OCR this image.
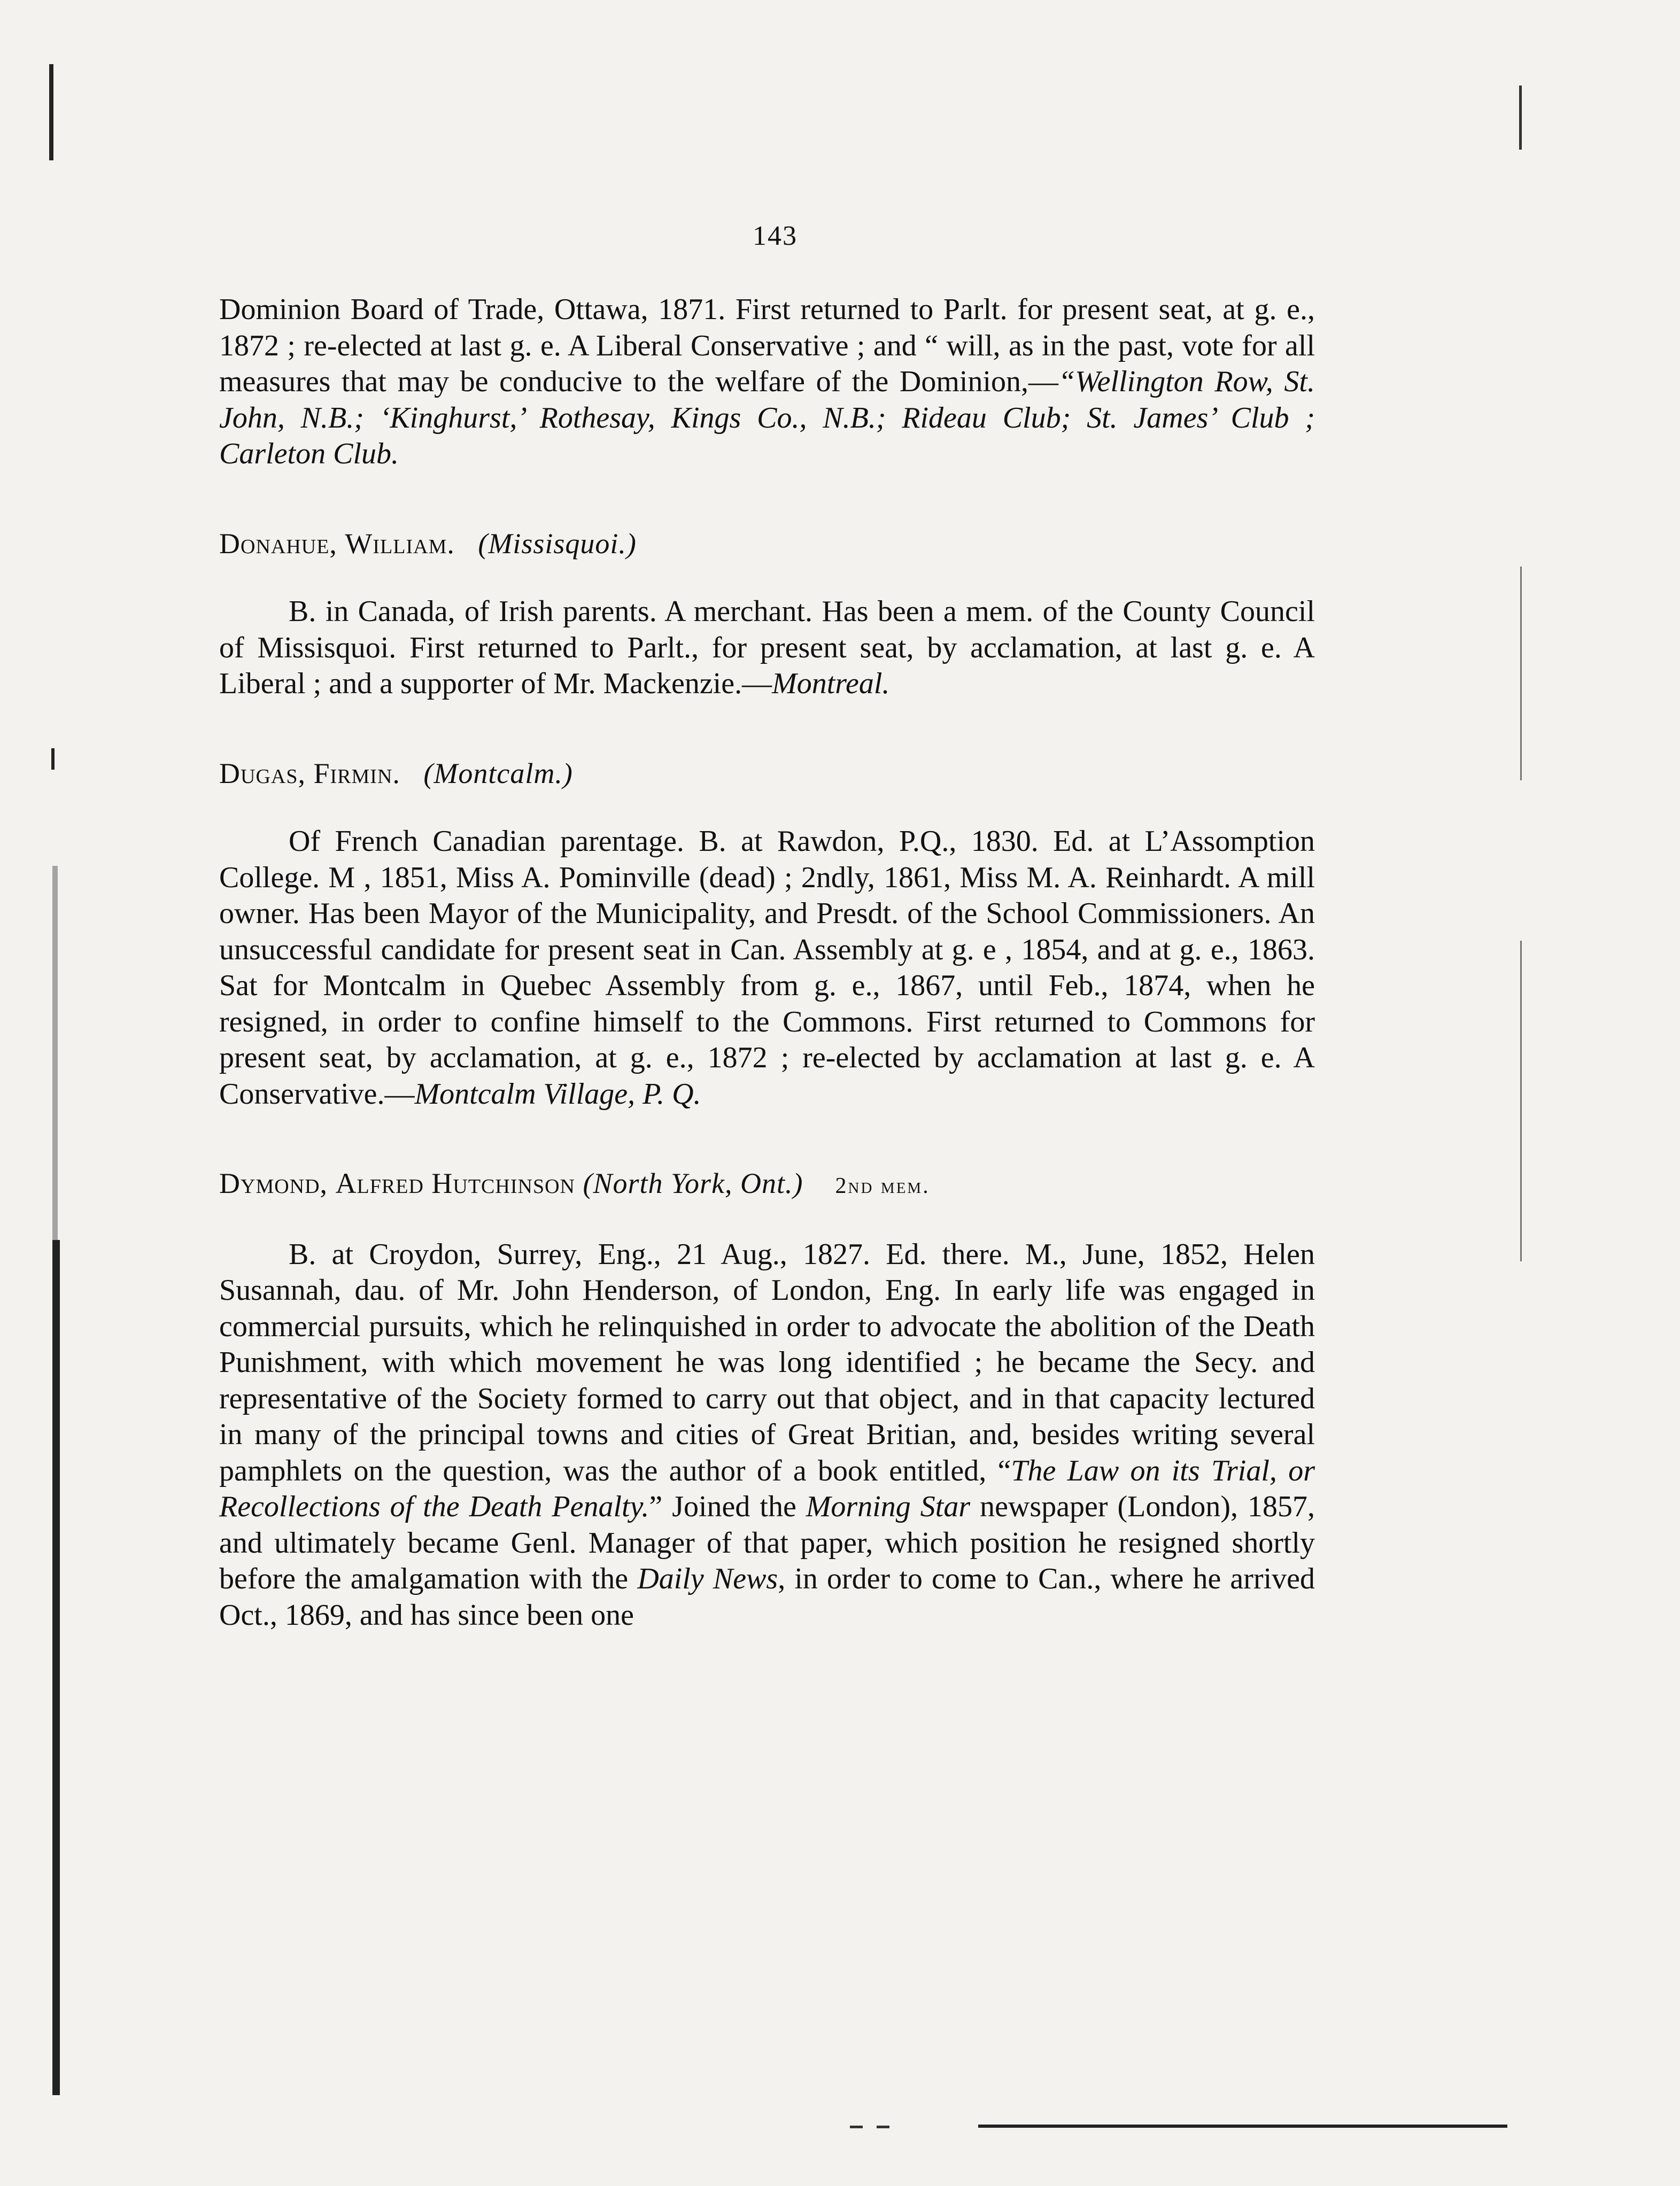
143

Dominion Board of Trade, Ottawa, 1871. First returned to Parlt. for present seat, at g. e., 1872 ; re-elected at last g. e. A Liberal Conservative ; and “ will, as in the past, vote for all measures that may be conducive to the welfare of the Dominion,—“Wellington Row, St. John, N.B.; ‘Kinghurst,’ Rothesay, Kings Co., N.B.; Rideau Club; St. James’ Club ; Carleton Club.

Donahue, William. (Missisquoi.)

B. in Canada, of Irish parents. A merchant. Has been a mem. of the County Council of Missisquoi. First returned to Parlt., for present seat, by acclamation, at last g. e. A Liberal ; and a supporter of Mr. Mackenzie.—Montreal.

Dugas, Firmin. (Montcalm.)

Of French Canadian parentage. B. at Rawdon, P.Q., 1830. Ed. at L’Assomption College. M , 1851, Miss A. Pominville (dead) ; 2ndly, 1861, Miss M. A. Reinhardt. A mill owner. Has been Mayor of the Municipality, and Presdt. of the School Commissioners. An unsuccessful candidate for present seat in Can. Assembly at g. e , 1854, and at g. e., 1863. Sat for Montcalm in Quebec Assembly from g. e., 1867, until Feb., 1874, when he resigned, in order to confine himself to the Commons. First returned to Commons for present seat, by acclamation, at g. e., 1872 ; re-elected by acclamation at last g. e. A Conservative.—Montcalm Village, P. Q.

Dymond, Alfred Hutchinson (North York, Ont.) 2nd mem.

B. at Croydon, Surrey, Eng., 21 Aug., 1827. Ed. there. M., June, 1852, Helen Susannah, dau. of Mr. John Henderson, of London, Eng. In early life was engaged in commercial pursuits, which he relinquished in order to advocate the abolition of the Death Punishment, with which movement he was long identified ; he became the Secy. and representative of the Society formed to carry out that object, and in that capacity lectured in many of the principal towns and cities of Great Britian, and, besides writing several pamphlets on the question, was the author of a book entitled, “The Law on its Trial, or Recollections of the Death Penalty.” Joined the Morning Star newspaper (London), 1857, and ultimately became Genl. Manager of that paper, which position he resigned shortly before the amalgamation with the Daily News, in order to come to Can., where he arrived Oct., 1869, and has since been one
